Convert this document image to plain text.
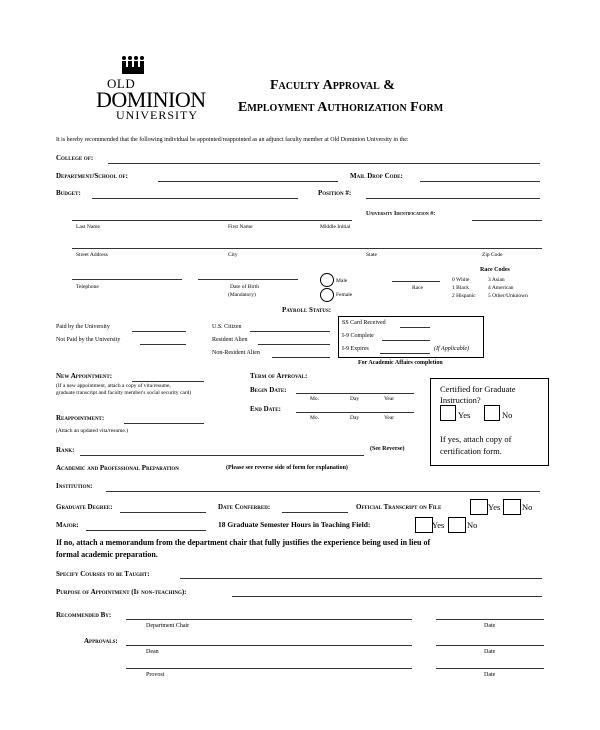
OLD
DOMINION
UNIVERSITY
Faculty Approval &
Employment Authorization Form
It is hereby recommended that the following individual be appointed/reappointed as an adjunct faculty member at Old Dominion University in the:
College of:
Department/School of:	Mail Drop Code:
Budget:	Position #:
University Identification #:
Last Name	First Name	Middle Initial
Street Address	City	State	Zip Code
Telephone	Date of Birth
(Mandatory)
Male
Female
Race
Race Codes
0 White
1 Black
2 Hispanic
3 Asian
4 American
5 Other/Unknown
Payroll Status:
Paid by the University
Not Paid by the University
U.S. Citizen
Resident Alien
Non-Resident Alien
SS Card Received
I-9 Complete
I-9 Expires	(If Applicable)
For Academic Affairs completion
New Appointment:
(If a new appointment, attach a copy of vita/resume,
graduate transcript and faculty member's social security card)
Reappointment:
(Attach an updated vita/resume.)
Term of Approval:
Begin Date:
Mo.	Day	Year
End Date:
Mo.	Day	Year
Rank:	(See Reverse)
Certified for Graduate
Instruction?
Yes	No
If yes, attach copy of
certification form.
Academic and Professional Preparation	(Please see reverse side of form for explanation)
Institution:
Graduate Degree:	Date Conferred:	Official Transcript on File	Yes	No
Major:	18 Graduate Semester Hours in Teaching Field:	Yes	No
If no, attach a memorandum from the department chair that fully justifies the experience being used in lieu of
formal academic preparation.
Specify Courses to be Taught:
Purpose of Appointment (If non-teaching):
Recommended By:
Department Chair	Date
Approvals:
Dean	Date
Provost	Date
